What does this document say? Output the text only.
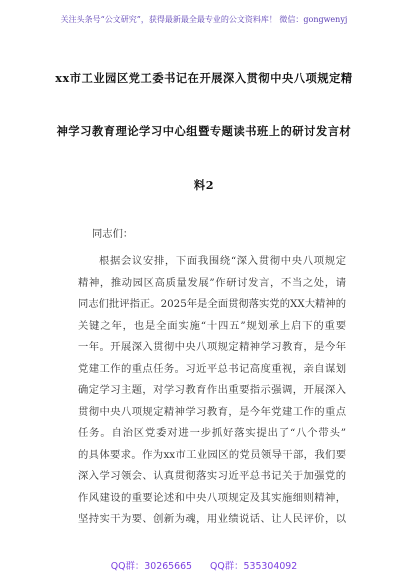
关注头条号“公文研究”，获得最新最全最专业的公文资料库！ 微信：gongwenyj
xx市工业园区党工委书记在开展深入贯彻中央八项规定精
神学习教育理论学习中心组暨专题读书班上的研讨发言材
料2
同志们：
根据会议安排，下面我围绕“深入贯彻中央八项规定
精神，推动园区高质量发展”作研讨发言，不当之处，请
同志们批评指正。2025年是全面贯彻落实党的XX大精神的
关键之年，也是全面实施“十四五”规划承上启下的重要
一年。开展深入贯彻中央八项规定精神学习教育，是今年
党建工作的重点任务。习近平总书记高度重视，亲自谋划
确定学习主题，对学习教育作出重要指示强调，开展深入
贯彻中央八项规定精神学习教育，是今年党建工作的重点
任务。自治区党委对进一步抓好落实提出了“八个带头”
的具体要求。作为xx市工业园区的党员领导干部，我们要
深入学习领会、认真贯彻落实习近平总书记关于加强党的
作风建设的重要论述和中央八项规定及其实施细则精神，
坚持实干为要、创新为魂，用业绩说话、让人民评价，以
QQ群：30265665 QQ群：535304092
